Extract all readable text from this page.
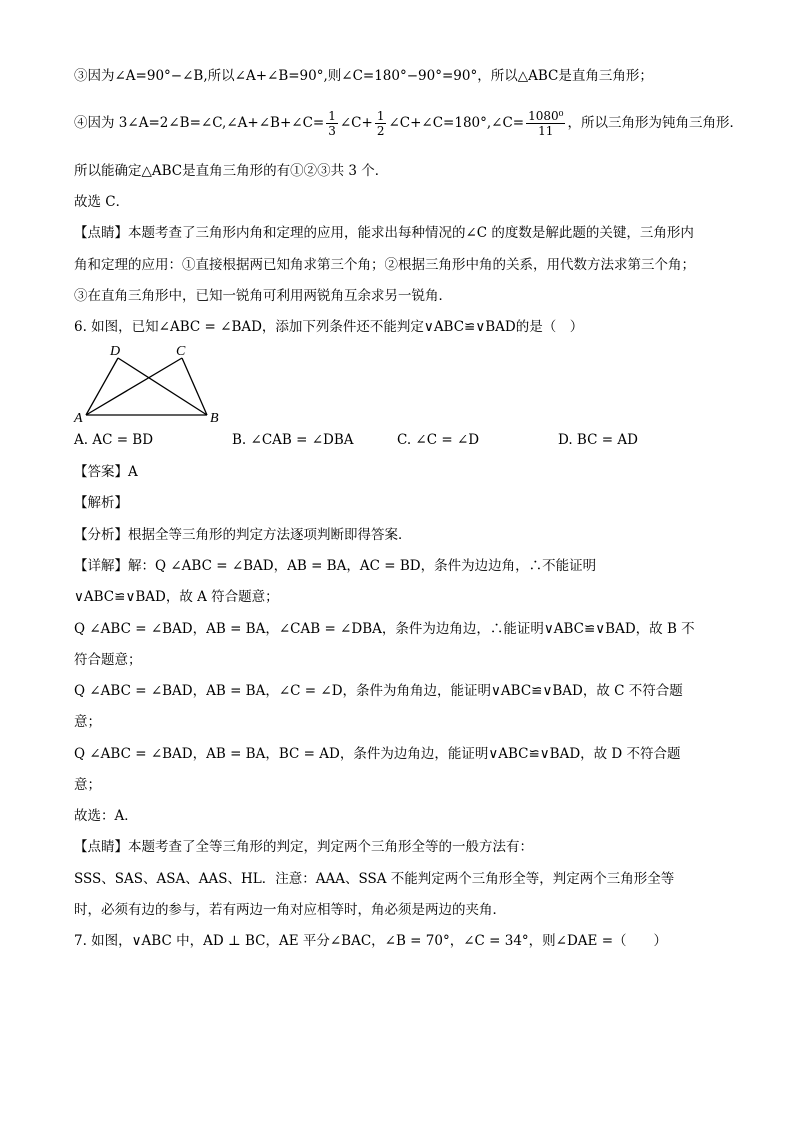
③因为∠A=90°−∠B,所以∠A+∠B=90°,则∠C=180°−90°=90°，所以△ABC是直角三角形；
④因为 3∠A=2∠B=∠C,∠A+∠B+∠C= $\frac{1}{3}$ ∠C+ $\frac{1}{2}$ ∠C+∠C=180°,∠C= $\frac{\text{1080⁰}}{11}$ ，所以三角形为钝角三角形．
所以能确定△ABC是直角三角形的有①②③共 3 个．
故选 C．
【点睛】本题考查了三角形内角和定理的应用，能求出每种情况的∠C 的度数是解此题的关键，三角形内
角和定理的应用：①直接根据两已知角求第三个角；②根据三角形中角的关系，用代数方法求第三个角；
③在直角三角形中，已知一锐角可利用两锐角互余求另一锐角．
6. 如图，已知∠ABC = ∠BAD，添加下列条件还不能判定∨ABC≌∨BAD的是（　）
A	B
C
D
A. AC = BD	B. ∠CAB = ∠DBA	C. ∠C = ∠D	D. BC = AD
【答案】A
【解析】
【分析】根据全等三角形的判定方法逐项判断即得答案．
【详解】解：Q ∠ABC = ∠BAD，AB = BA，AC = BD，条件为边边角，∴不能证明
∨ABC≌∨BAD，故 A 符合题意；
Q ∠ABC = ∠BAD，AB = BA，∠CAB = ∠DBA，条件为边角边，∴能证明∨ABC≌∨BAD，故 B 不
符合题意；
Q ∠ABC = ∠BAD，AB = BA，∠C = ∠D，条件为角角边，能证明∨ABC≌∨BAD，故 C 不符合题
意；
Q ∠ABC = ∠BAD，AB = BA，BC = AD，条件为边角边，能证明∨ABC≌∨BAD，故 D 不符合题
意；
故选：A．
【点睛】本题考查了全等三角形的判定，判定两个三角形全等的一般方法有：
SSS、SAS、ASA、AAS、HL．注意：AAA、SSA 不能判定两个三角形全等，判定两个三角形全等
时，必须有边的参与，若有两边一角对应相等时，角必须是两边的夹角．
7. 如图，∨ABC 中，AD ⊥ BC，AE 平分∠BAC，∠B = 70°，∠C = 34°，则∠DAE =（　　）
